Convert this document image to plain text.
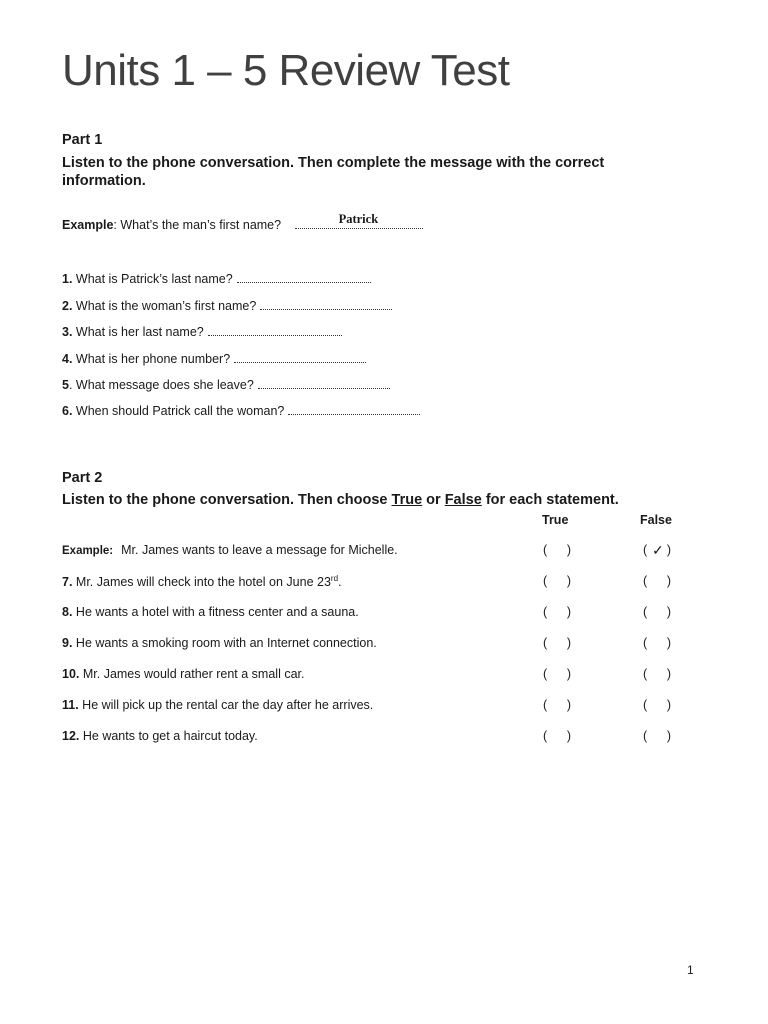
Units 1 – 5 Review Test
Part 1
Listen to the phone conversation. Then complete the message with the correct information.
Example: What’s the man’s first name?	Patrick
1. What is Patrick’s last name?
2. What is the woman’s first name?
3. What is her last name?
4. What is her phone number?
5. What message does she leave?
6. When should Patrick call the woman?
Part 2
Listen to the phone conversation. Then choose True or False for each statement.
True	False
Example: Mr. James wants to leave a message for Michelle.	( )	( ✓ )
7. Mr. James will check into the hotel on June 23rd.	( )	( )
8. He wants a hotel with a fitness center and a sauna.	( )	( )
9. He wants a smoking room with an Internet connection.	( )	( )
10. Mr. James would rather rent a small car.	( )	( )
11. He will pick up the rental car the day after he arrives.	( )	( )
12. He wants to get a haircut today.	( )	( )
1
